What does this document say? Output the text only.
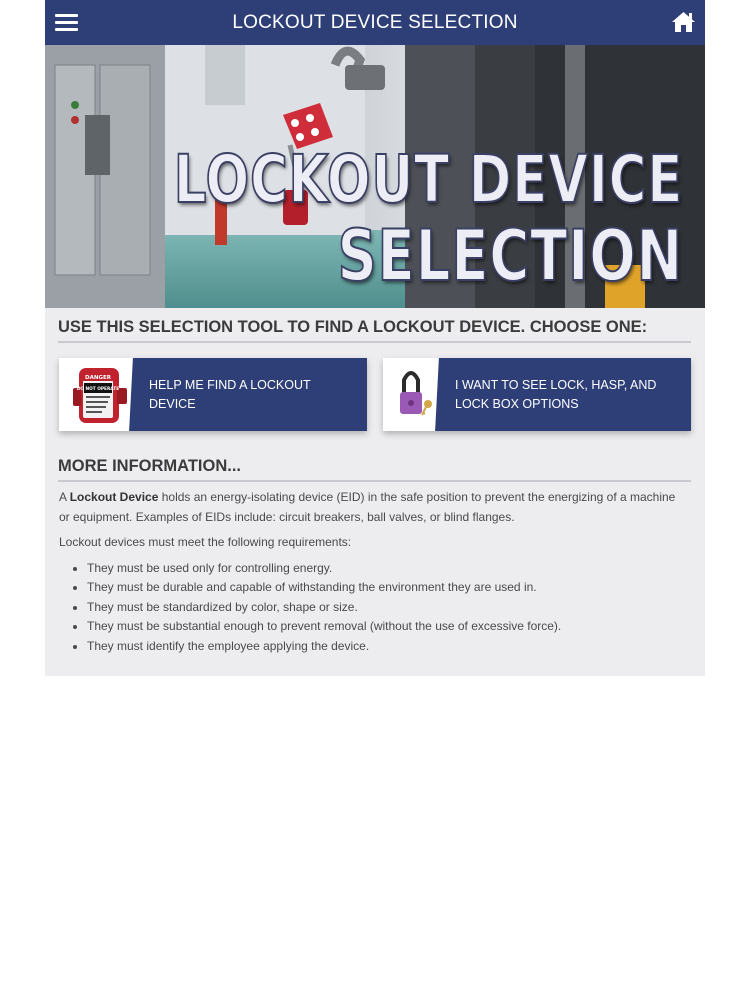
LOCKOUT DEVICE SELECTION
LOCKOUT DEVICE
SELECTION
USE THIS SELECTION TOOL TO FIND A LOCKOUT DEVICE. CHOOSE ONE:
DANGER
DO NOT OPERATE	HELP ME FIND A LOCKOUT DEVICE
I WANT TO SEE LOCK, HASP, AND LOCK BOX OPTIONS
MORE INFORMATION...

A Lockout Device holds an energy-isolating device (EID) in the safe position to prevent the energizing of a machine or equipment. Examples of EIDs include: circuit breakers, ball valves, or blind flanges.

Lockout devices must meet the following requirements:

• They must be used only for controlling energy.
• They must be durable and capable of withstanding the environment they are used in.
• They must be standardized by color, shape or size.
• They must be substantial enough to prevent removal (without the use of excessive force).
• They must identify the employee applying the device.
